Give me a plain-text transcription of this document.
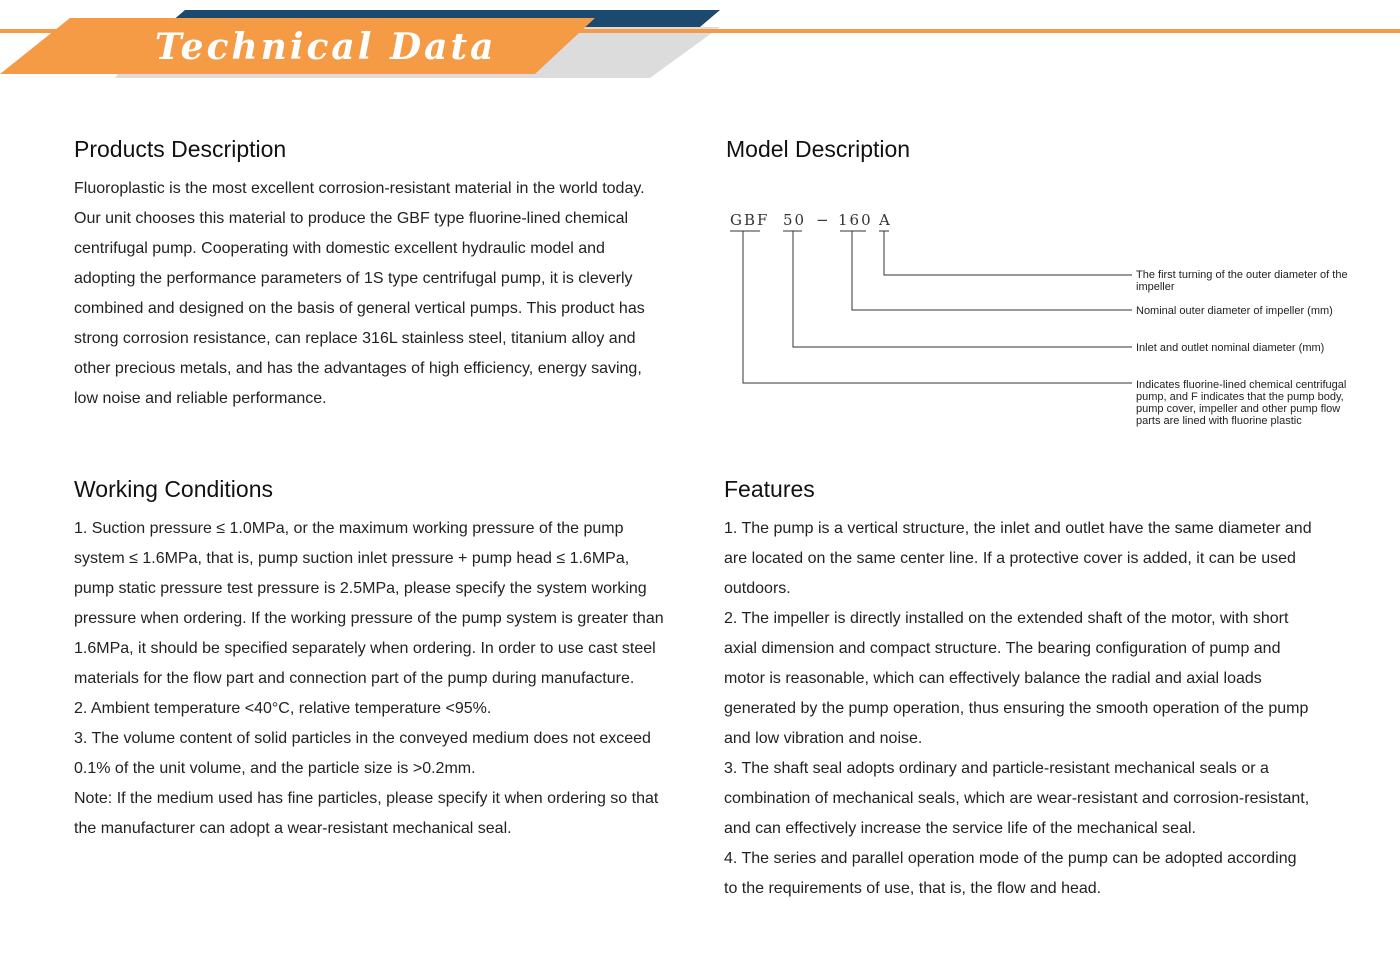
Technical Data
Products Description

Fluoroplastic is the most excellent corrosion-resistant material in the world today. Our unit chooses this material to produce the GBF type fluorine-lined chemical centrifugal pump. Cooperating with domestic excellent hydraulic model and adopting the performance parameters of 1S type centrifugal pump, it is cleverly combined and designed on the basis of general vertical pumps. This product has strong corrosion resistance, can replace 316L stainless steel, titanium alloy and other precious metals, and has the advantages of high efficiency, energy saving, low noise and reliable performance.

Model Description
GBF 50 − 160 A
The first turning of the outer diameter of the
impeller
Nominal outer diameter of impeller (mm)
Inlet and outlet nominal diameter (mm)
Indicates fluorine-lined chemical centrifugal
pump, and F indicates that the pump body,
pump cover, impeller and other pump flow
parts are lined with fluorine plastic
Working Conditions

1. Suction pressure ≤ 1.0MPa, or the maximum working pressure of the pump system ≤ 1.6MPa, that is, pump suction inlet pressure + pump head ≤ 1.6MPa, pump static pressure test pressure is 2.5MPa, please specify the system working pressure when ordering. If the working pressure of the pump system is greater than 1.6MPa, it should be specified separately when ordering. In order to use cast steel materials for the flow part and connection part of the pump during manufacture.

2. Ambient temperature <40°C, relative temperature <95%.

3. The volume content of solid particles in the conveyed medium does not exceed 0.1% of the unit volume, and the particle size is >0.2mm.

Note: If the medium used has fine particles, please specify it when ordering so that the manufacturer can adopt a wear-resistant mechanical seal.

Features

1. The pump is a vertical structure, the inlet and outlet have the same diameter and are located on the same center line. If a protective cover is added, it can be used outdoors.

2. The impeller is directly installed on the extended shaft of the motor, with short axial dimension and compact structure. The bearing configuration of pump and motor is reasonable, which can effectively balance the radial and axial loads generated by the pump operation, thus ensuring the smooth operation of the pump and low vibration and noise.

3. The shaft seal adopts ordinary and particle-resistant mechanical seals or a combination of mechanical seals, which are wear-resistant and corrosion-resistant, and can effectively increase the service life of the mechanical seal.

4. The series and parallel operation mode of the pump can be adopted according to the requirements of use, that is, the flow and head.
